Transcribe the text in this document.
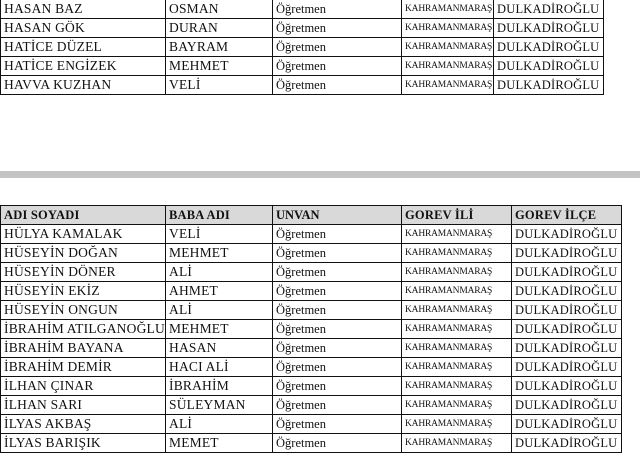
HASAN BAZ	OSMAN	Öğretmen	KAHRAMANMARAŞ	DULKADİROĞLU
HASAN GÖK	DURAN	Öğretmen	KAHRAMANMARAŞ	DULKADİROĞLU
HATİCE DÜZEL	BAYRAM	Öğretmen	KAHRAMANMARAŞ	DULKADİROĞLU
HATİCE ENGİZEK	MEHMET	Öğretmen	KAHRAMANMARAŞ	DULKADİROĞLU
HAVVA KUZHAN	VELİ	Öğretmen	KAHRAMANMARAŞ	DULKADİROĞLU
ADI SOYADI	BABA ADI	UNVAN	GOREV İLİ	GOREV İLÇE
HÜLYA KAMALAK	VELİ	Öğretmen	KAHRAMANMARAŞ	DULKADİROĞLU
HÜSEYİN DOĞAN	MEHMET	Öğretmen	KAHRAMANMARAŞ	DULKADİROĞLU
HÜSEYİN DÖNER	ALİ	Öğretmen	KAHRAMANMARAŞ	DULKADİROĞLU
HÜSEYİN EKİZ	AHMET	Öğretmen	KAHRAMANMARAŞ	DULKADİROĞLU
HÜSEYİN ONGUN	ALİ	Öğretmen	KAHRAMANMARAŞ	DULKADİROĞLU
İBRAHİM ATILGANOĞLU	MEHMET	Öğretmen	KAHRAMANMARAŞ	DULKADİROĞLU
İBRAHİM BAYANA	HASAN	Öğretmen	KAHRAMANMARAŞ	DULKADİROĞLU
İBRAHİM DEMİR	HACI ALİ	Öğretmen	KAHRAMANMARAŞ	DULKADİROĞLU
İLHAN ÇINAR	İBRAHİM	Öğretmen	KAHRAMANMARAŞ	DULKADİROĞLU
İLHAN SARI	SÜLEYMAN	Öğretmen	KAHRAMANMARAŞ	DULKADİROĞLU
İLYAS AKBAŞ	ALİ	Öğretmen	KAHRAMANMARAŞ	DULKADİROĞLU
İLYAS BARIŞIK	MEMET	Öğretmen	KAHRAMANMARAŞ	DULKADİROĞLU
